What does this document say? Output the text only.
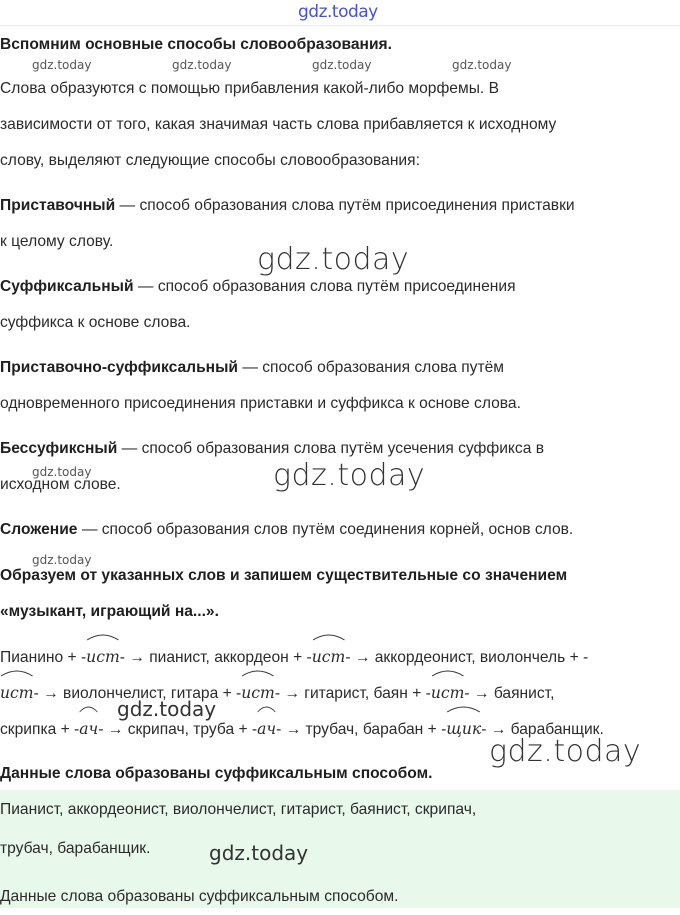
gdz.today
Вспомним основные способы словообразования.
gdz.today	gdz.today	gdz.today	gdz.today
Слова образуются с помощью прибавления какой-либо морфемы. В
зависимости от того, какая значимая часть слова прибавляется к исходному
слову, выделяют следующие способы словообразования:
Приставочный — способ образования слова путём присоединения приставки
к целому слову.
gdz.today
Суффиксальный — способ образования слова путём присоединения
суффикса к основе слова.
Приставочно-суффиксальный — способ образования слова путём
одновременного присоединения приставки и суффикса к основе слова.
Бессуфиксный — способ образования слова путём усечения суффикса в
gdz.today
исходном слове.	gdz.today
Сложение — способ образования слов путём соединения корней, основ слов.
gdz.today
Образуем от указанных слов и запишем существительные со значением
«музыкант, играющий на...».
Пианино + -
ист- → пианист, аккордеон + -
ист- → аккордеонист, виолончель + -
ист- → виолончелист, гитара + -
ист- → гитарист, баян + -
ист- → баянист,
gdz.today
скрипка + -
ач- → скрипач, труба + -
ач- → трубач, барабан + -
щик- → барабанщик.
Данные слова образованы суффиксальным способом.
gdz.today
Пианист, аккордеонист, виолончелист, гитарист, баянист, скрипач,
трубач, барабанщик.	gdz.today
Данные слова образованы суффиксальным способом.
